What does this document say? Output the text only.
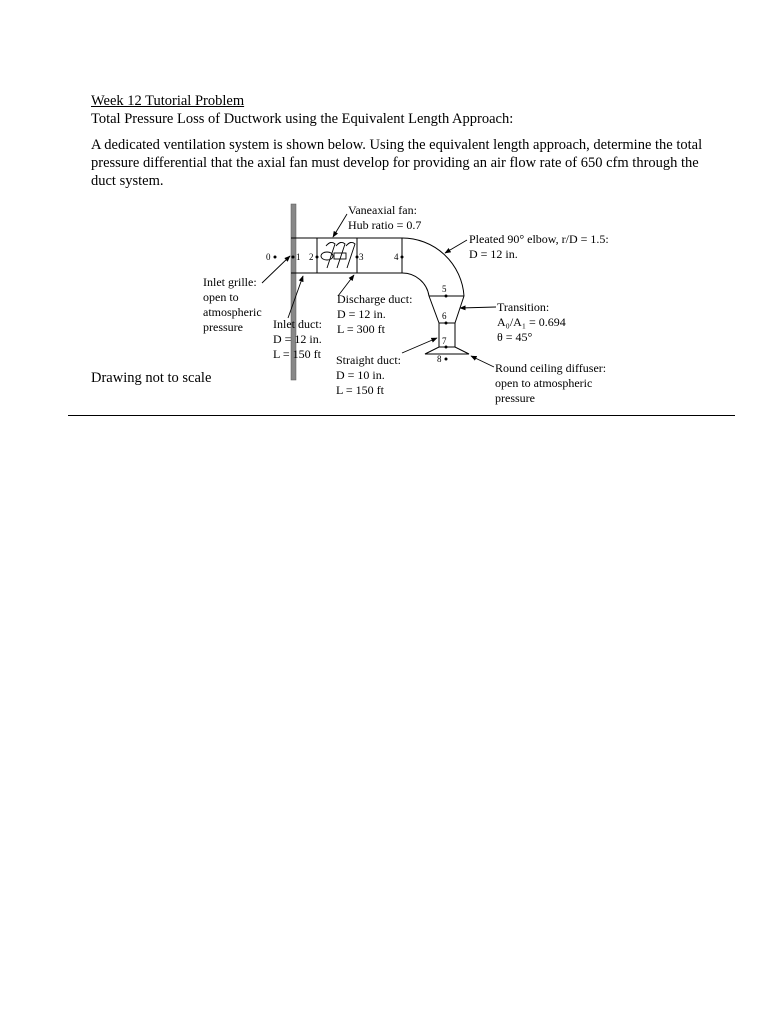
Week 12 Tutorial Problem
Total Pressure Loss of Ductwork using the Equivalent Length Approach:
A dedicated ventilation system is shown below. Using the equivalent length approach, determine the total pressure differential that the axial fan must develop for providing an air flow rate of 650 cfm through the duct system.
Drawing not to scale
0	1 2	3	4
5
6
7
8
Vaneaxial fan: Hub ratio = 0.7
Pleated 90° elbow, r/D = 1.5: D = 12 in.
Inlet grille: open to atmospheric pressure
Discharge duct: D = 12 in. L = 300 ft
Inlet duct: D = 12 in. L = 150 ft
Transition: A₀/A₁ = 0.694 θ = 45°
Straight duct: D = 10 in. L = 150 ft
Round ceiling diffuser: open to atmospheric pressure
